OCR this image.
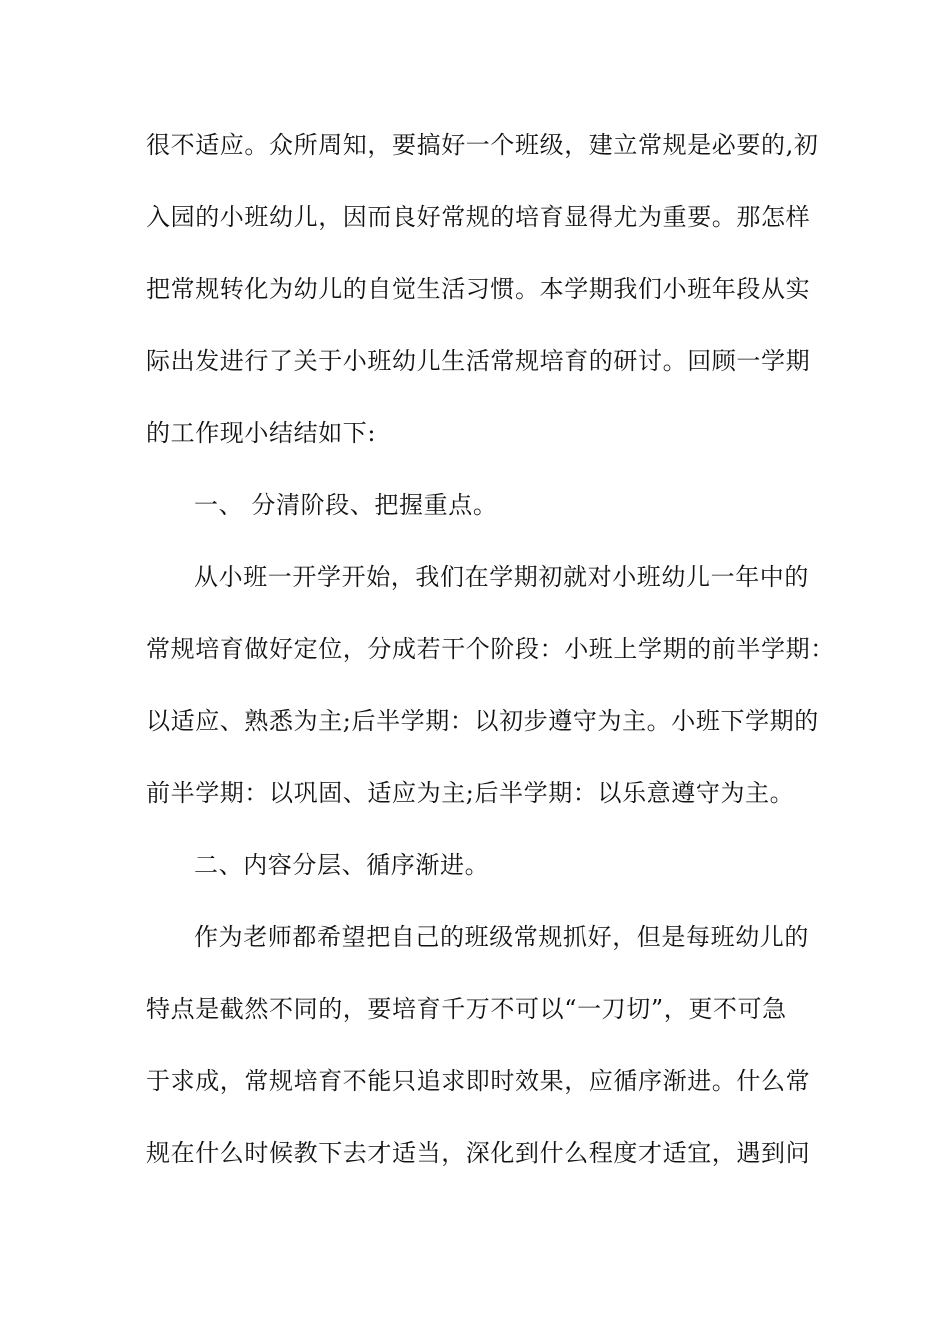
很不适应。众所周知，要搞好一个班级，建立常规是必要的,初
入园的小班幼儿，因而良好常规的培育显得尤为重要。那怎样
把常规转化为幼儿的自觉生活习惯。本学期我们小班年段从实
际出发进行了关于小班幼儿生活常规培育的研讨。回顾一学期
的工作现小结结如下:
一、 分清阶段、把握重点。
从小班一开学开始，我们在学期初就对小班幼儿一年中的
常规培育做好定位，分成若干个阶段：小班上学期的前半学期：
以适应、熟悉为主;后半学期：以初步遵守为主。小班下学期的
前半学期：以巩固、适应为主;后半学期：以乐意遵守为主。
二、内容分层、循序渐进。
作为老师都希望把自己的班级常规抓好，但是每班幼儿的
特点是截然不同的，要培育千万不可以“一刀切”，更不可急
于求成，常规培育不能只追求即时效果，应循序渐进。什么常
规在什么时候教下去才适当，深化到什么程度才适宜，遇到问
